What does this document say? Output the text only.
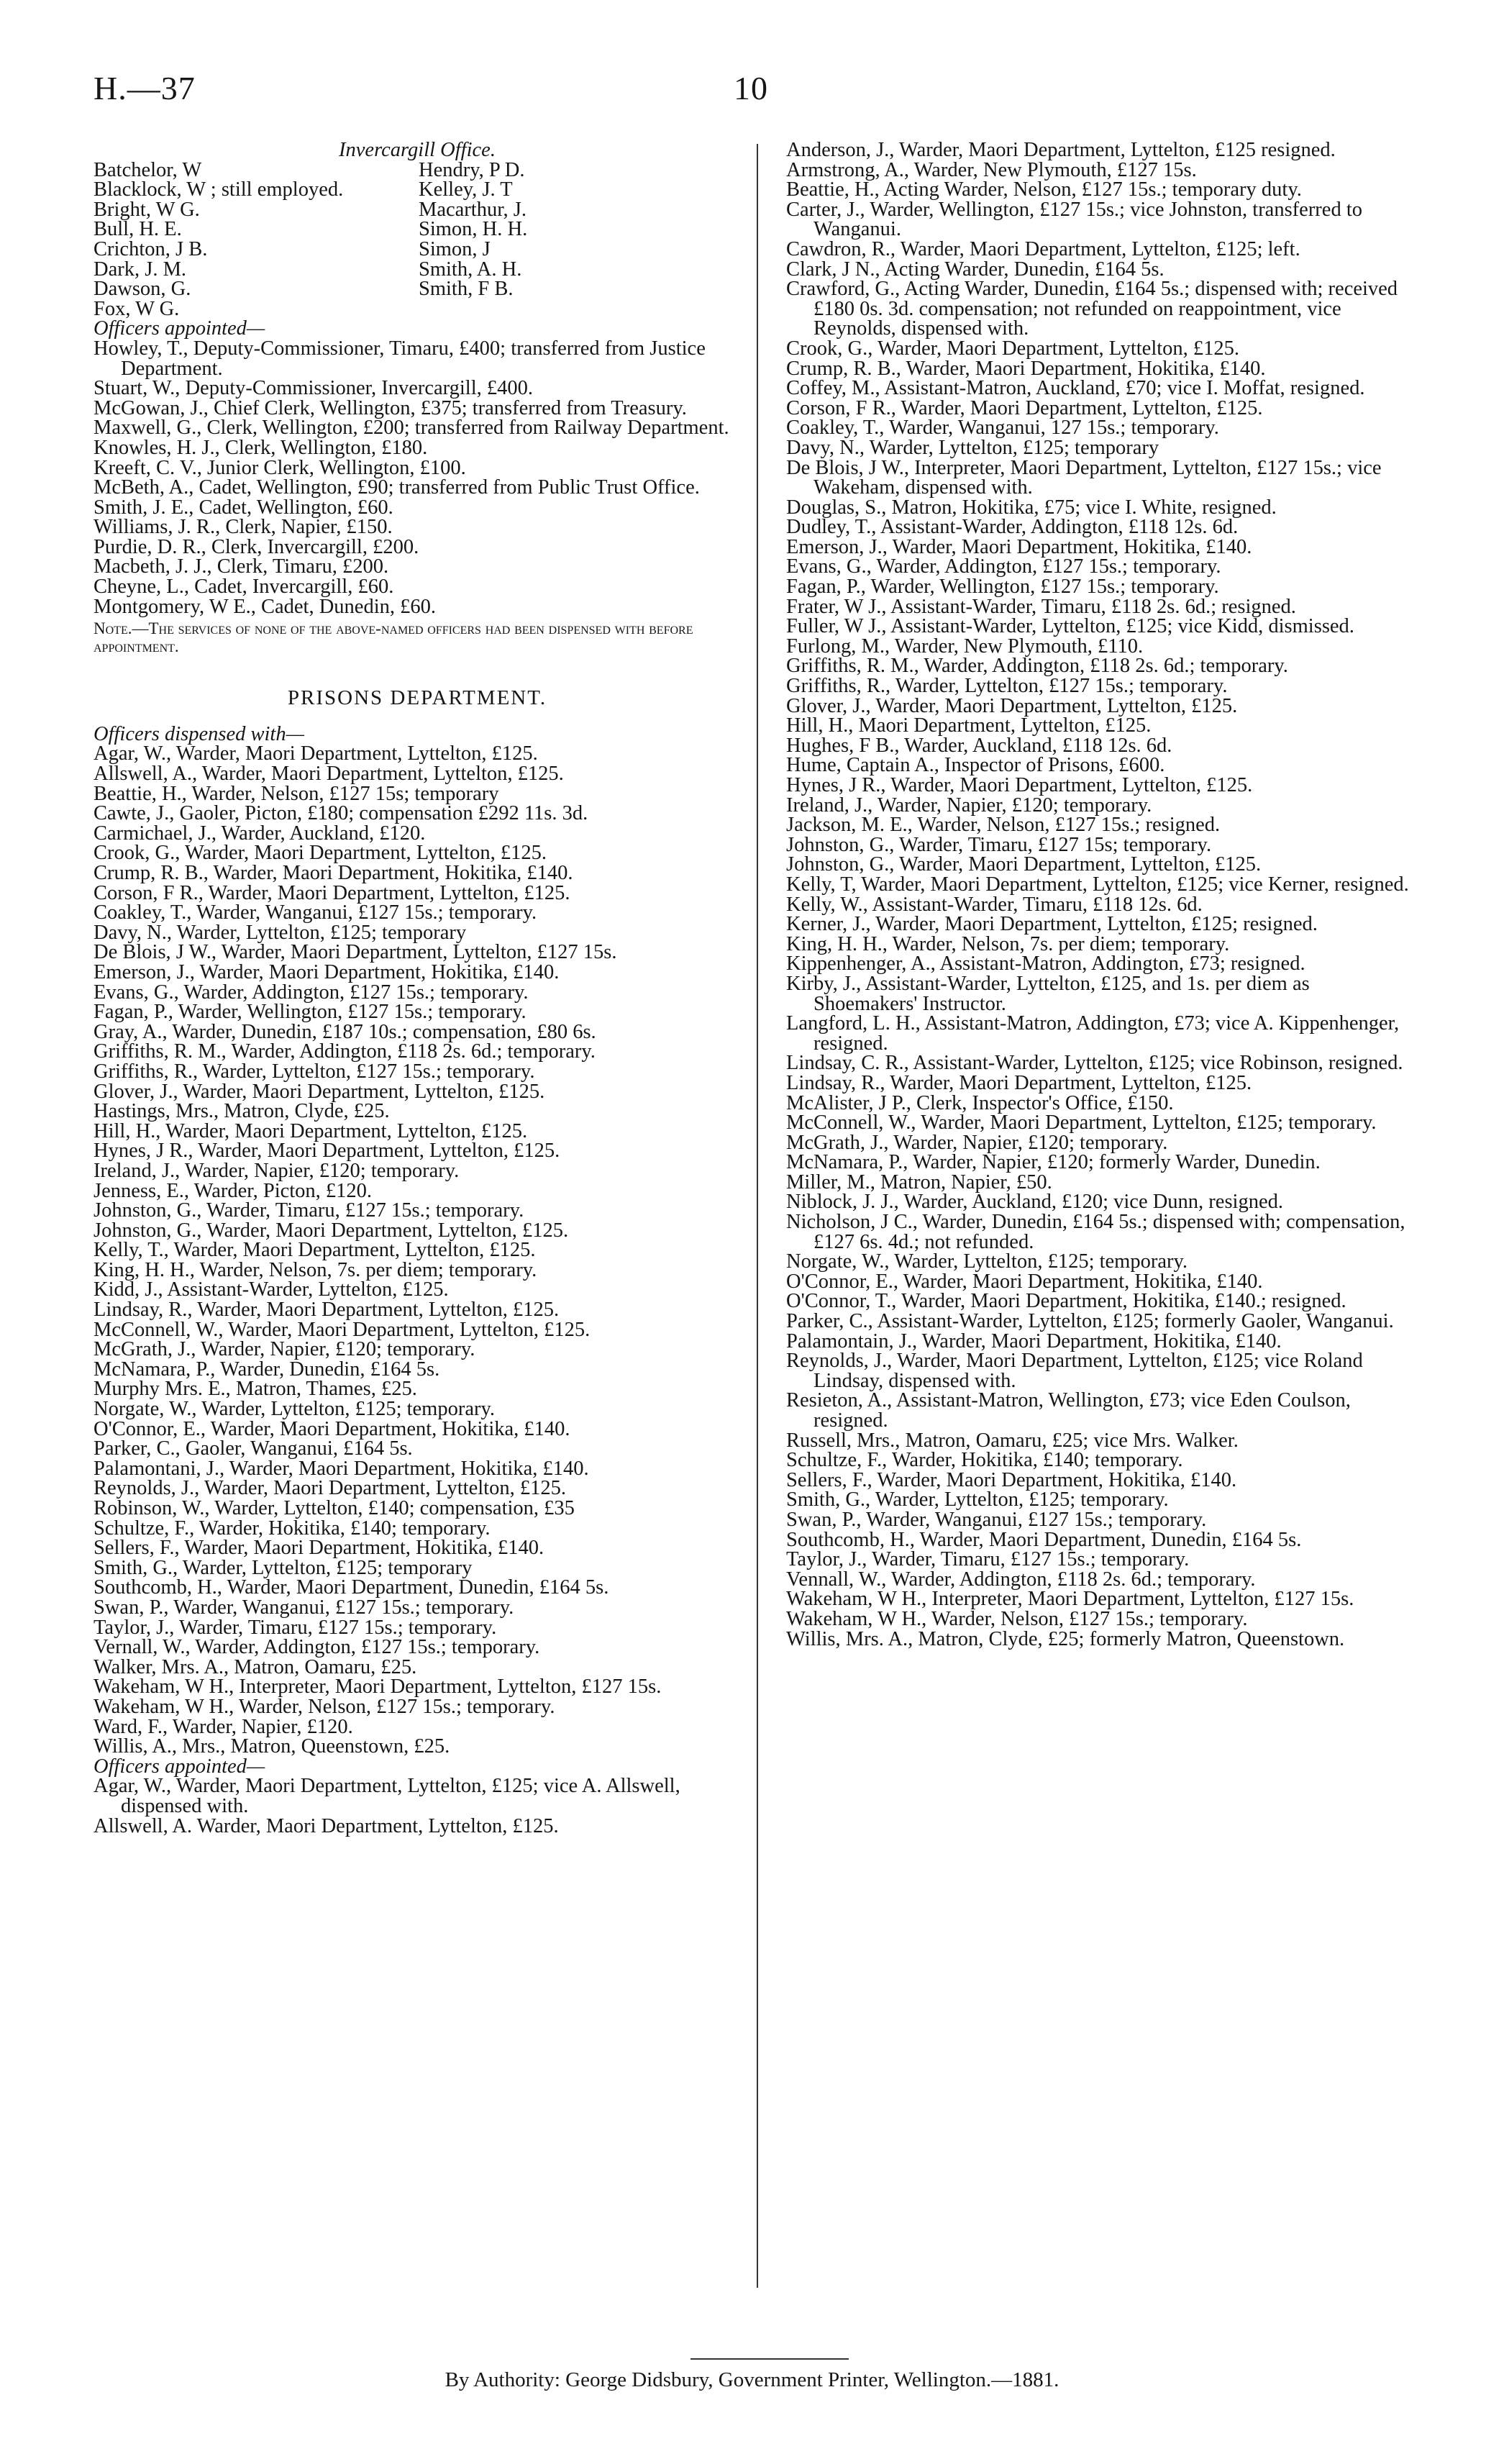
H.—37	10
Invercargill Office.
Batchelor, W	Hendry, P D.
Blacklock, W ; still employed.	Kelley, J. T
Bright, W G.	Macarthur, J.
Bull, H. E.	Simon, H. H.
Crichton, J B.	Simon, J
Dark, J. M.	Smith, A. H.
Dawson, G.	Smith, F B.
Fox, W G.	
Officers appointed—
Howley, T., Deputy-Commissioner, Timaru, £400; transferred from Justice Department.
Stuart, W., Deputy-Commissioner, Invercargill, £400.
McGowan, J., Chief Clerk, Wellington, £375; transferred from Treasury.
Maxwell, G., Clerk, Wellington, £200; transferred from Railway Department.
Knowles, H. J., Clerk, Wellington, £180.
Kreeft, C. V., Junior Clerk, Wellington, £100.
McBeth, A., Cadet, Wellington, £90; transferred from Public Trust Office.
Smith, J. E., Cadet, Wellington, £60.
Williams, J. R., Clerk, Napier, £150.
Purdie, D. R., Clerk, Invercargill, £200.
Macbeth, J. J., Clerk, Timaru, £200.
Cheyne, L., Cadet, Invercargill, £60.
Montgomery, W E., Cadet, Dunedin, £60.
Note.—The services of none of the above-named officers had been dispensed with before appointment.
PRISONS DEPARTMENT.
Officers dispensed with—
Agar, W., Warder, Maori Department, Lyttelton, £125.
Allswell, A., Warder, Maori Department, Lyttelton, £125.
Beattie, H., Warder, Nelson, £127 15s; temporary
Cawte, J., Gaoler, Picton, £180; compensation £292 11s. 3d.
Carmichael, J., Warder, Auckland, £120.
Crook, G., Warder, Maori Department, Lyttelton, £125.
Crump, R. B., Warder, Maori Department, Hokitika, £140.
Corson, F R., Warder, Maori Department, Lyttelton, £125.
Coakley, T., Warder, Wanganui, £127 15s.; temporary.
Davy, N., Warder, Lyttelton, £125; temporary
De Blois, J W., Warder, Maori Department, Lyttelton, £127 15s.
Emerson, J., Warder, Maori Department, Hokitika, £140.
Evans, G., Warder, Addington, £127 15s.; temporary.
Fagan, P., Warder, Wellington, £127 15s.; temporary.
Gray, A., Warder, Dunedin, £187 10s.; compensation, £80 6s.
Griffiths, R. M., Warder, Addington, £118 2s. 6d.; temporary.
Griffiths, R., Warder, Lyttelton, £127 15s.; temporary.
Glover, J., Warder, Maori Department, Lyttelton, £125.
Hastings, Mrs., Matron, Clyde, £25.
Hill, H., Warder, Maori Department, Lyttelton, £125.
Hynes, J R., Warder, Maori Department, Lyttelton, £125.
Ireland, J., Warder, Napier, £120; temporary.
Jenness, E., Warder, Picton, £120.
Johnston, G., Warder, Timaru, £127 15s.; temporary.
Johnston, G., Warder, Maori Department, Lyttelton, £125.
Kelly, T., Warder, Maori Department, Lyttelton, £125.
King, H. H., Warder, Nelson, 7s. per diem; temporary.
Kidd, J., Assistant-Warder, Lyttelton, £125.
Lindsay, R., Warder, Maori Department, Lyttelton, £125.
McConnell, W., Warder, Maori Department, Lyttelton, £125.
McGrath, J., Warder, Napier, £120; temporary.
McNamara, P., Warder, Dunedin, £164 5s.
Murphy Mrs. E., Matron, Thames, £25.
Norgate, W., Warder, Lyttelton, £125; temporary.
O'Connor, E., Warder, Maori Department, Hokitika, £140.
Parker, C., Gaoler, Wanganui, £164 5s.
Palamontani, J., Warder, Maori Department, Hokitika, £140.
Reynolds, J., Warder, Maori Department, Lyttelton, £125.
Robinson, W., Warder, Lyttelton, £140; compensation, £35
Schultze, F., Warder, Hokitika, £140; temporary.
Sellers, F., Warder, Maori Department, Hokitika, £140.
Smith, G., Warder, Lyttelton, £125; temporary
Southcomb, H., Warder, Maori Department, Dunedin, £164 5s.
Swan, P., Warder, Wanganui, £127 15s.; temporary.
Taylor, J., Warder, Timaru, £127 15s.; temporary.
Vernall, W., Warder, Addington, £127 15s.; temporary.
Walker, Mrs. A., Matron, Oamaru, £25.
Wakeham, W H., Interpreter, Maori Department, Lyttelton, £127 15s.
Wakeham, W H., Warder, Nelson, £127 15s.; temporary.
Ward, F., Warder, Napier, £120.
Willis, A., Mrs., Matron, Queenstown, £25.
Officers appointed—
Agar, W., Warder, Maori Department, Lyttelton, £125; vice A. Allswell, dispensed with.
Allswell, A. Warder, Maori Department, Lyttelton, £125.
Anderson, J., Warder, Maori Department, Lyttelton, £125 resigned.
Armstrong, A., Warder, New Plymouth, £127 15s.
Beattie, H., Acting Warder, Nelson, £127 15s.; temporary duty.
Carter, J., Warder, Wellington, £127 15s.; vice Johnston, transferred to Wanganui.
Cawdron, R., Warder, Maori Department, Lyttelton, £125; left.
Clark, J N., Acting Warder, Dunedin, £164 5s.
Crawford, G., Acting Warder, Dunedin, £164 5s.; dispensed with; received £180 0s. 3d. compensation; not refunded on reappointment, vice Reynolds, dispensed with.
Crook, G., Warder, Maori Department, Lyttelton, £125.
Crump, R. B., Warder, Maori Department, Hokitika, £140.
Coffey, M., Assistant-Matron, Auckland, £70; vice I. Moffat, resigned.
Corson, F R., Warder, Maori Department, Lyttelton, £125.
Coakley, T., Warder, Wanganui, 127 15s.; temporary.
Davy, N., Warder, Lyttelton, £125; temporary
De Blois, J W., Interpreter, Maori Department, Lyttelton, £127 15s.; vice Wakeham, dispensed with.
Douglas, S., Matron, Hokitika, £75; vice I. White, resigned.
Dudley, T., Assistant-Warder, Addington, £118 12s. 6d.
Emerson, J., Warder, Maori Department, Hokitika, £140.
Evans, G., Warder, Addington, £127 15s.; temporary.
Fagan, P., Warder, Wellington, £127 15s.; temporary.
Frater, W J., Assistant-Warder, Timaru, £118 2s. 6d.; resigned.
Fuller, W J., Assistant-Warder, Lyttelton, £125; vice Kidd, dismissed.
Furlong, M., Warder, New Plymouth, £110.
Griffiths, R. M., Warder, Addington, £118 2s. 6d.; temporary.
Griffiths, R., Warder, Lyttelton, £127 15s.; temporary.
Glover, J., Warder, Maori Department, Lyttelton, £125.
Hill, H., Maori Department, Lyttelton, £125.
Hughes, F B., Warder, Auckland, £118 12s. 6d.
Hume, Captain A., Inspector of Prisons, £600.
Hynes, J R., Warder, Maori Department, Lyttelton, £125.
Ireland, J., Warder, Napier, £120; temporary.
Jackson, M. E., Warder, Nelson, £127 15s.; resigned.
Johnston, G., Warder, Timaru, £127 15s; temporary.
Johnston, G., Warder, Maori Department, Lyttelton, £125.
Kelly, T, Warder, Maori Department, Lyttelton, £125; vice Kerner, resigned.
Kelly, W., Assistant-Warder, Timaru, £118 12s. 6d.
Kerner, J., Warder, Maori Department, Lyttelton, £125; resigned.
King, H. H., Warder, Nelson, 7s. per diem; temporary.
Kippenhenger, A., Assistant-Matron, Addington, £73; resigned.
Kirby, J., Assistant-Warder, Lyttelton, £125, and 1s. per diem as Shoemakers' Instructor.
Langford, L. H., Assistant-Matron, Addington, £73; vice A. Kippenhenger, resigned.
Lindsay, C. R., Assistant-Warder, Lyttelton, £125; vice Robinson, resigned.
Lindsay, R., Warder, Maori Department, Lyttelton, £125.
McAlister, J P., Clerk, Inspector's Office, £150.
McConnell, W., Warder, Maori Department, Lyttelton, £125; temporary.
McGrath, J., Warder, Napier, £120; temporary.
McNamara, P., Warder, Napier, £120; formerly Warder, Dunedin.
Miller, M., Matron, Napier, £50.
Niblock, J. J., Warder, Auckland, £120; vice Dunn, resigned.
Nicholson, J C., Warder, Dunedin, £164 5s.; dispensed with; compensation, £127 6s. 4d.; not refunded.
Norgate, W., Warder, Lyttelton, £125; temporary.
O'Connor, E., Warder, Maori Department, Hokitika, £140.
O'Connor, T., Warder, Maori Department, Hokitika, £140.; resigned.
Parker, C., Assistant-Warder, Lyttelton, £125; formerly Gaoler, Wanganui.
Palamontain, J., Warder, Maori Department, Hokitika, £140.
Reynolds, J., Warder, Maori Department, Lyttelton, £125; vice Roland Lindsay, dispensed with.
Resieton, A., Assistant-Matron, Wellington, £73; vice Eden Coulson, resigned.
Russell, Mrs., Matron, Oamaru, £25; vice Mrs. Walker.
Schultze, F., Warder, Hokitika, £140; temporary.
Sellers, F., Warder, Maori Department, Hokitika, £140.
Smith, G., Warder, Lyttelton, £125; temporary.
Swan, P., Warder, Wanganui, £127 15s.; temporary.
Southcomb, H., Warder, Maori Department, Dunedin, £164 5s.
Taylor, J., Warder, Timaru, £127 15s.; temporary.
Vennall, W., Warder, Addington, £118 2s. 6d.; temporary.
Wakeham, W H., Interpreter, Maori Department, Lyttelton, £127 15s.
Wakeham, W H., Warder, Nelson, £127 15s.; temporary.
Willis, Mrs. A., Matron, Clyde, £25; formerly Matron, Queenstown.
By Authority: George Didsbury, Government Printer, Wellington.—1881.
